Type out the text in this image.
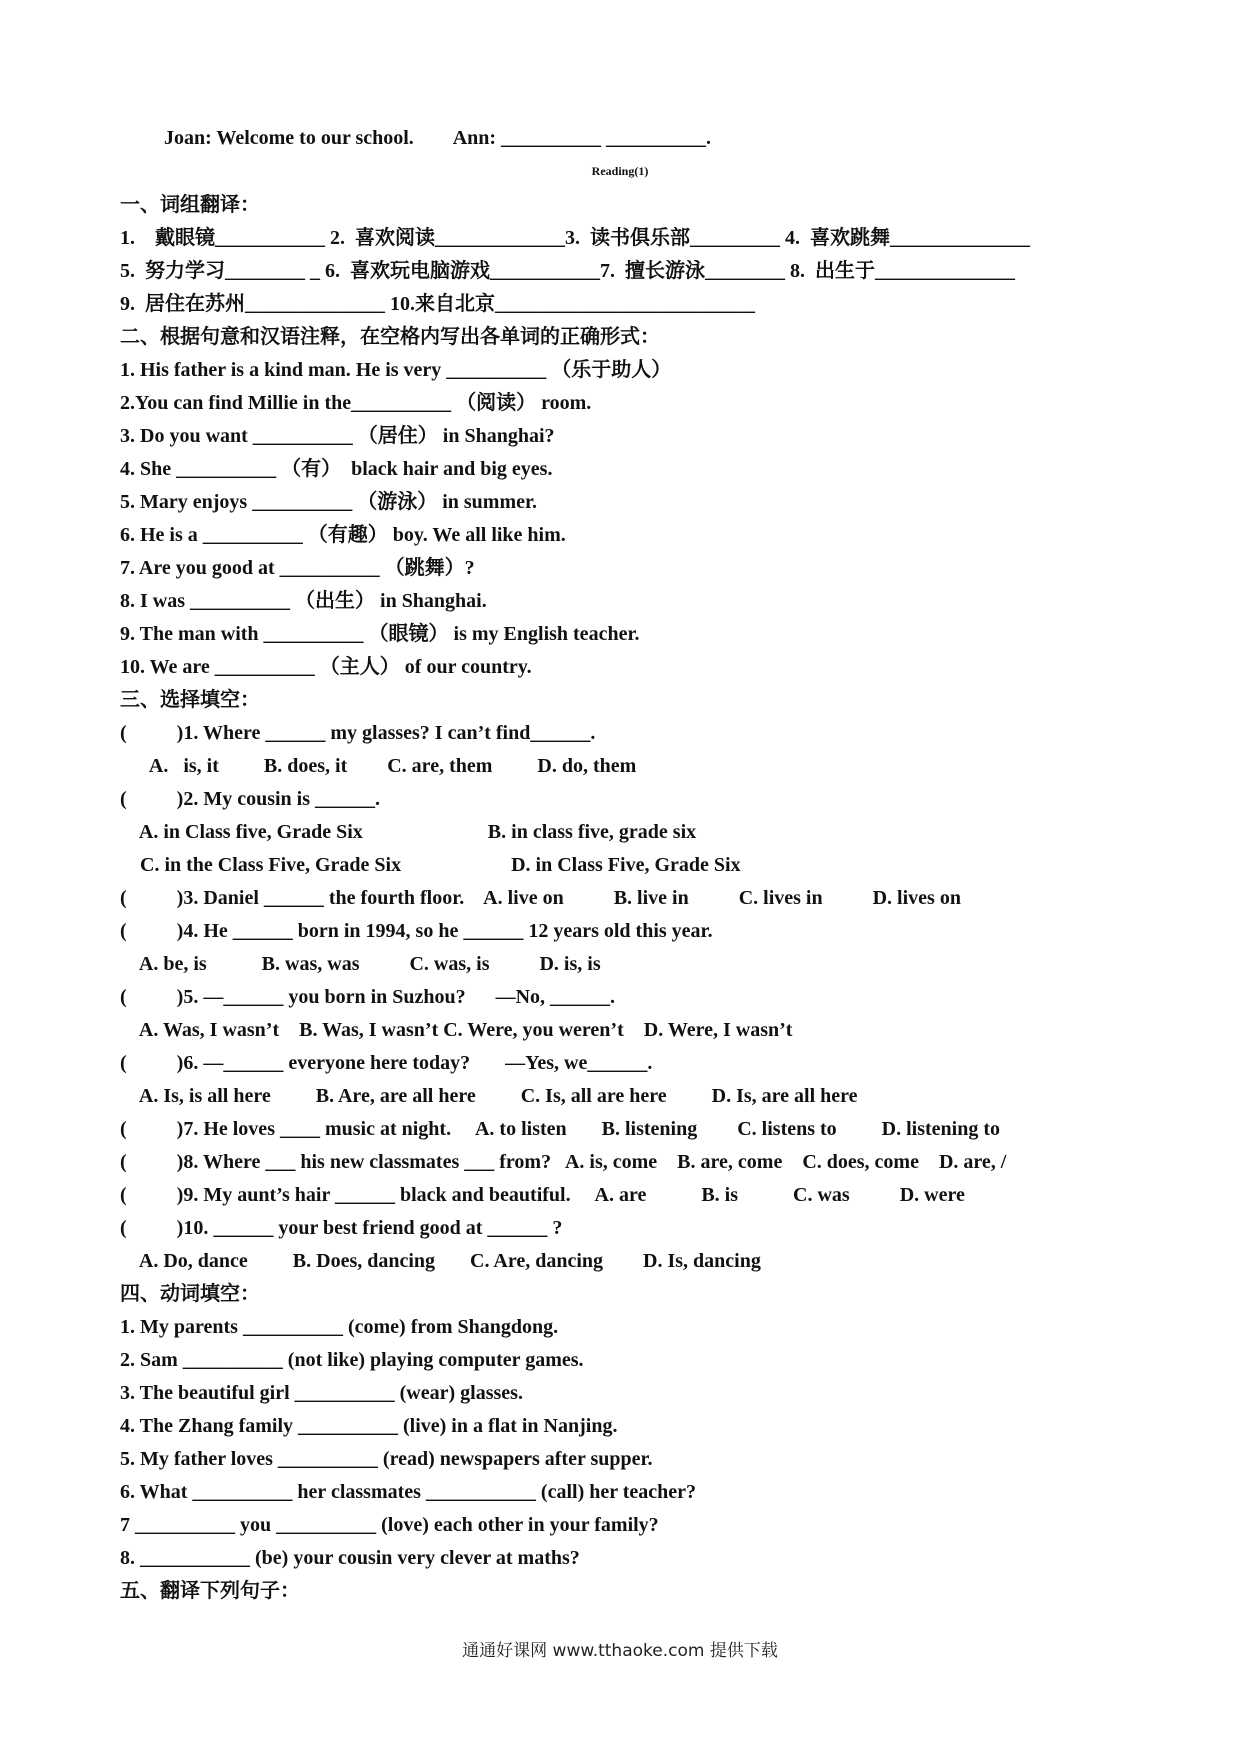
Joan: Welcome to our school.        Ann: __________ __________.
Reading(1)
一、词组翻译：
1.    戴眼镜___________ 2.  喜欢阅读_____________3.  读书俱乐部_________ 4.  喜欢跳舞______________
5.  努力学习________ _ 6.  喜欢玩电脑游戏___________7.  擅长游泳________ 8.  出生于______________
9.  居住在苏州______________ 10.来自北京__________________________
二、根据句意和汉语注释，在空格内写出各单词的正确形式：
1. His father is a kind man. He is very __________ （乐于助人）
2.You can find Millie in the__________ （阅读） room.
3. Do you want __________ （居住） in Shanghai?
4. She __________ （有）  black hair and big eyes.
5. Mary enjoys __________ （游泳） in summer.
6. He is a __________ （有趣） boy. We all like him.
7. Are you good at __________ （跳舞）?
8. I was __________ （出生） in Shanghai.
9. The man with __________ （眼镜） is my English teacher.
10. We are __________ （主人） of our country.
三、选择填空：
(          )1. Where ______ my glasses? I can’t find______.
A.   is, it         B. does, it        C. are, them         D. do, them
(          )2. My cousin is ______.
A. in Class five, Grade Six                         B. in class five, grade six
C. in the Class Five, Grade Six                      D. in Class Five, Grade Six
(          )3. Daniel ______ the fourth floor.    A. live on          B. live in          C. lives in          D. lives on
(          )4. He ______ born in 1994, so he ______ 12 years old this year.
A. be, is           B. was, was          C. was, is          D. is, is
(          )5. —______ you born in Suzhou?      —No, ______.
A. Was, I wasn’t    B. Was, I wasn’t C. Were, you weren’t    D. Were, I wasn’t
(          )6. —______ everyone here today?       —Yes, we______.
A. Is, is all here         B. Are, are all here         C. Is, all are here         D. Is, are all here
(          )7. He loves ____ music at night.     A. to listen       B. listening        C. listens to         D. listening to
(          )8. Where ___ his new classmates ___ from?   A. is, come    B. are, come    C. does, come    D. are, /
(          )9. My aunt’s hair ______ black and beautiful.     A. are           B. is           C. was          D. were
(          )10. ______ your best friend good at ______ ?
A. Do, dance         B. Does, dancing       C. Are, dancing        D. Is, dancing
四、动词填空：
1. My parents __________ (come) from Shangdong.
2. Sam __________ (not like) playing computer games.
3. The beautiful girl __________ (wear) glasses.
4. The Zhang family __________ (live) in a flat in Nanjing.
5. My father loves __________ (read) newspapers after supper.
6. What __________ her classmates ___________ (call) her teacher?
7 __________ you __________ (love) each other in your family?
8. ___________ (be) your cousin very clever at maths?
五、翻译下列句子：
通通好课网 www.tthaoke.com 提供下载
